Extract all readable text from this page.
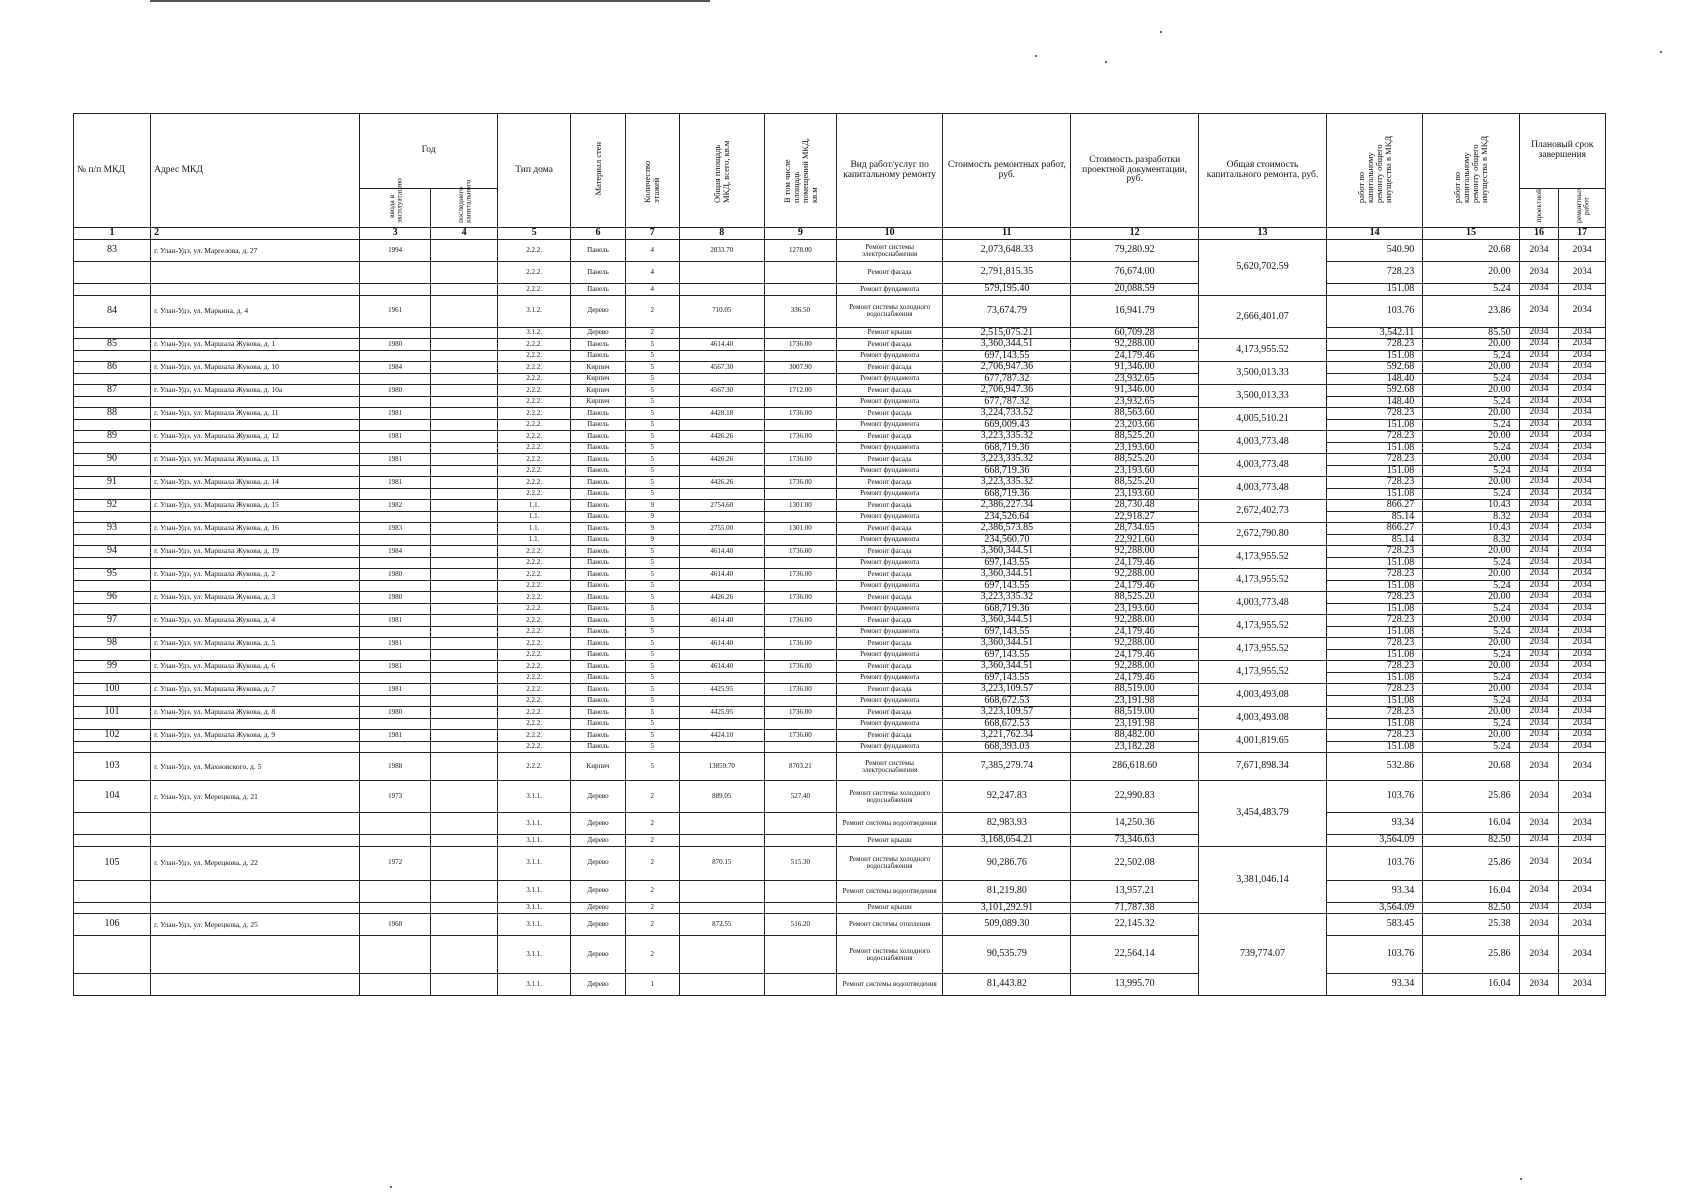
№ п/п МКД	Адрес МКД	Год		Тип дома	Материал стен	Количество этажей	Общая площадь МКД, всего, кв.м	В том числе площадь помещений МКД, кв.м	Вид работ/услуг по капитальному ремонту	Стоимость ремонтных работ, руб.	Стоимость разработки проектной документации, руб.	Общая стоимость капитального ремонта, руб.	работ по капитальному ремонту общего имущества в МКД	работ по капитальному ремонту общего имущества в МКД	Плановый срок завершения	
		ввода в эксплуатацию	последнего капитального												проектной	ремонтных работ
1	2	3	4	5	6	7	8	9	10	11	12	13	14	15	16	17
83	г. Улан-Удэ, ул. Маргелова, д. 27	1994		2.2.2.	Панель	4	2833.70	1278.00	Ремонт системы электроснабжения	2,073,648.33	79,280.92	5,620,702.59	540.90	20.68	2034	2034
				2.2.2.	Панель	4			Ремонт фасада	2,791,815.35	76,674.00		728.23	20.00	2034	2034
				2.2.2.	Панель	4			Ремонт фундамента	579,195.40	20,088.59		151.08	5.24	2034	2034
84	г. Улан-Удэ, ул. Маркина, д. 4	1961		3.1.2.	Дерево	2	710.05	336.50	Ремонт системы холодного водоснабжения	73,674.79	16,941.79	2,666,401.07	103.76	23.86	2034	2034
				3.1.2.	Дерево	2			Ремонт крыши	2,515,075.21	60,709.28		3,542.11	85.50	2034	2034
85	г. Улан-Удэ, ул. Маршала Жукова, д. 1	1980		2.2.2.	Панель	5	4614.40	1736.00	Ремонт фасада	3,360,344.51	92,288.00	4,173,955.52	728.23	20.00	2034	2034
				2.2.2.	Панель	5			Ремонт фундамента	697,143.55	24,179.46		151.08	5.24	2034	2034
86	г. Улан-Удэ, ул. Маршала Жукова, д. 10	1984		2.2.2.	Кирпич	5	4567.30	3007.90	Ремонт фасада	2,706,947.36	91,346.00	3,500,013.33	592.68	20.00	2034	2034
				2.2.2.	Кирпич	5			Ремонт фундамента	677,787.32	23,932.65		148.40	5.24	2034	2034
87	г. Улан-Удэ, ул. Маршала Жукова, д. 10а	1980		2.2.2.	Кирпич	5	4567.30	1712.00	Ремонт фасада	2,706,947.36	91,346.00	3,500,013.33	592.68	20.00	2034	2034
				2.2.2.	Кирпич	5			Ремонт фундамента	677,787.32	23,932.65		148.40	5.24	2034	2034
88	г. Улан-Удэ, ул. Маршала Жукова, д. 11	1981		2.2.2.	Панель	5	4428.18	1736.00	Ремонт фасада	3,224,733.52	88,563.60	4,005,510.21	728.23	20.00	2034	2034
				2.2.2.	Панель	5			Ремонт фундамента	669,009.43	23,203.66		151.08	5.24	2034	2034
89	г. Улан-Удэ, ул. Маршала Жукова, д. 12	1981		2.2.2.	Панель	5	4426.26	1736.00	Ремонт фасада	3,223,335.32	88,525.20	4,003,773.48	728.23	20.00	2034	2034
				2.2.2.	Панель	5			Ремонт фундамента	668,719.36	23,193.60		151.08	5.24	2034	2034
90	г. Улан-Удэ, ул. Маршала Жукова, д. 13	1981		2.2.2.	Панель	5	4426.26	1736.00	Ремонт фасада	3,223,335.32	88,525.20	4,003,773.48	728.23	20.00	2034	2034
				2.2.2.	Панель	5			Ремонт фундамента	668,719.36	23,193.60		151.08	5.24	2034	2034
91	г. Улан-Удэ, ул. Маршала Жукова, д. 14	1981		2.2.2.	Панель	5	4426.26	1736.00	Ремонт фасада	3,223,335.32	88,525.20	4,003,773.48	728.23	20.00	2034	2034
				2.2.2.	Панель	5			Ремонт фундамента	668,719.36	23,193.60		151.08	5.24	2034	2034
92	г. Улан-Удэ, ул. Маршала Жукова, д. 15	1982		1.1.	Панель	9	2754.60	1301.00	Ремонт фасада	2,386,227.34	28,730.48	2,672,402.73	866.27	10.43	2034	2034
				1.1.	Панель	9			Ремонт фундамента	234,526.64	22,918.27		85.14	8.32	2034	2034
93	г. Улан-Удэ, ул. Маршала Жукова, д. 16	1983		1.1.	Панель	9	2755.00	1301.00	Ремонт фасада	2,386,573.85	28,734.65	2,672,790.80	866.27	10.43	2034	2034
				1.1.	Панель	9			Ремонт фундамента	234,560.70	22,921.60		85.14	8.32	2034	2034
94	г. Улан-Удэ, ул. Маршала Жукова, д. 19	1984		2.2.2.	Панель	5	4614.40	1736.00	Ремонт фасада	3,360,344.51	92,288.00	4,173,955.52	728.23	20.00	2034	2034
				2.2.2.	Панель	5			Ремонт фундамента	697,143.55	24,179.46		151.08	5.24	2034	2034
95	г. Улан-Удэ, ул. Маршала Жукова, д. 2	1980		2.2.2.	Панель	5	4614.40	1736.00	Ремонт фасада	3,360,344.51	92,288.00	4,173,955.52	728.23	20.00	2034	2034
				2.2.2.	Панель	5			Ремонт фундамента	697,143.55	24,179.46		151.08	5.24	2034	2034
96	г. Улан-Удэ, ул. Маршала Жукова, д. 3	1980		2.2.2.	Панель	5	4426.26	1736.00	Ремонт фасада	3,223,335.32	88,525.20	4,003,773.48	728.23	20.00	2034	2034
				2.2.2.	Панель	5			Ремонт фундамента	668,719.36	23,193.60		151.08	5.24	2034	2034
97	г. Улан-Удэ, ул. Маршала Жукова, д. 4	1981		2.2.2.	Панель	5	4614.40	1736.00	Ремонт фасада	3,360,344.51	92,288.00	4,173,955.52	728.23	20.00	2034	2034
				2.2.2.	Панель	5			Ремонт фундамента	697,143.55	24,179.46		151.08	5.24	2034	2034
98	г. Улан-Удэ, ул. Маршала Жукова, д. 5	1981		2.2.2.	Панель	5	4614.40	1736.00	Ремонт фасада	3,360,344.51	92,288.00	4,173,955.52	728.23	20.00	2034	2034
				2.2.2.	Панель	5			Ремонт фундамента	697,143.55	24,179.46		151.08	5.24	2034	2034
99	г. Улан-Удэ, ул. Маршала Жукова, д. 6	1981		2.2.2.	Панель	5	4614.40	1736.00	Ремонт фасада	3,360,344.51	92,288.00	4,173,955.52	728.23	20.00	2034	2034
				2.2.2.	Панель	5			Ремонт фундамента	697,143.55	24,179.46		151.08	5.24	2034	2034
100	г. Улан-Удэ, ул. Маршала Жукова, д. 7	1981		2.2.2.	Панель	5	4425.95	1736.00	Ремонт фасада	3,223,109.57	88,519.00	4,003,493.08	728.23	20.00	2034	2034
				2.2.2.	Панель	5			Ремонт фундамента	668,672.53	23,191.98		151.08	5.24	2034	2034
101	г. Улан-Удэ, ул. Маршала Жукова, д. 8	1980		2.2.2.	Панель	5	4425.95	1736.00	Ремонт фасада	3,223,109.57	88,519.00	4,003,493.08	728.23	20.00	2034	2034
				2.2.2.	Панель	5			Ремонт фундамента	668,672.53	23,191.98		151.08	5.24	2034	2034
102	г. Улан-Удэ, ул. Маршала Жукова, д. 9	1981		2.2.2.	Панель	5	4424.10	1736.00	Ремонт фасада	3,221,762.34	88,482.00	4,001,819.65	728.23	20.00	2034	2034
				2.2.2.	Панель	5			Ремонт фундамента	668,393.03	23,182.28		151.08	5.24	2034	2034
103	г. Улан-Удэ, ул. Махновского, д. 5	1988		2.2.2.	Кирпич	5	13859.70	8703.21	Ремонт системы электроснабжения	7,385,279.74	286,618.60	7,671,898.34	532.86	20.68	2034	2034
104	г. Улан-Удэ, ул. Мерецкова, д. 21	1973		3.1.1.	Дерево	2	889.05	527.40	Ремонт системы холодного водоснабжения	92,247.83	22,990.83	3,454,483.79	103.76	25.86	2034	2034
				3.1.1.	Дерево	2			Ремонт системы водоотведения	82,983.93	14,250.36		93.34	16.04	2034	2034
				3.1.1.	Дерево	2			Ремонт крыши	3,168,654.21	73,346.63		3,564.09	82.50	2034	2034
105	г. Улан-Удэ, ул. Мерецкова, д. 22	1972		3.1.1.	Дерево	2	870.15	515.30	Ремонт системы холодного водоснабжения	90,286.76	22,502.08	3,381,046.14	103.76	25.86	2034	2034
				3.1.1.	Дерево	2			Ремонт системы водоотведения	81,219.80	13,957.21		93.34	16.04	2034	2034
				3.1.1.	Дерево	2			Ремонт крыши	3,101,292.91	71,787.38		3,564.09	82.50	2034	2034
106	г. Улан-Удэ, ул. Мерецкова, д. 25	1968		3.1.1.	Дерево	2	872.55	516.20	Ремонт системы отопления	509,089.30	22,145.32	739,774.07	583.45	25.38	2034	2034
				3.1.1.	Дерево	2			Ремонт системы холодного водоснабжения	90,535.79	22,564.14		103.76	25.86	2034	2034
				3.1.1.	Дерево	1			Ремонт системы водоотведения	81,443.82	13,995.70		93.34	16.04	2034	2034
